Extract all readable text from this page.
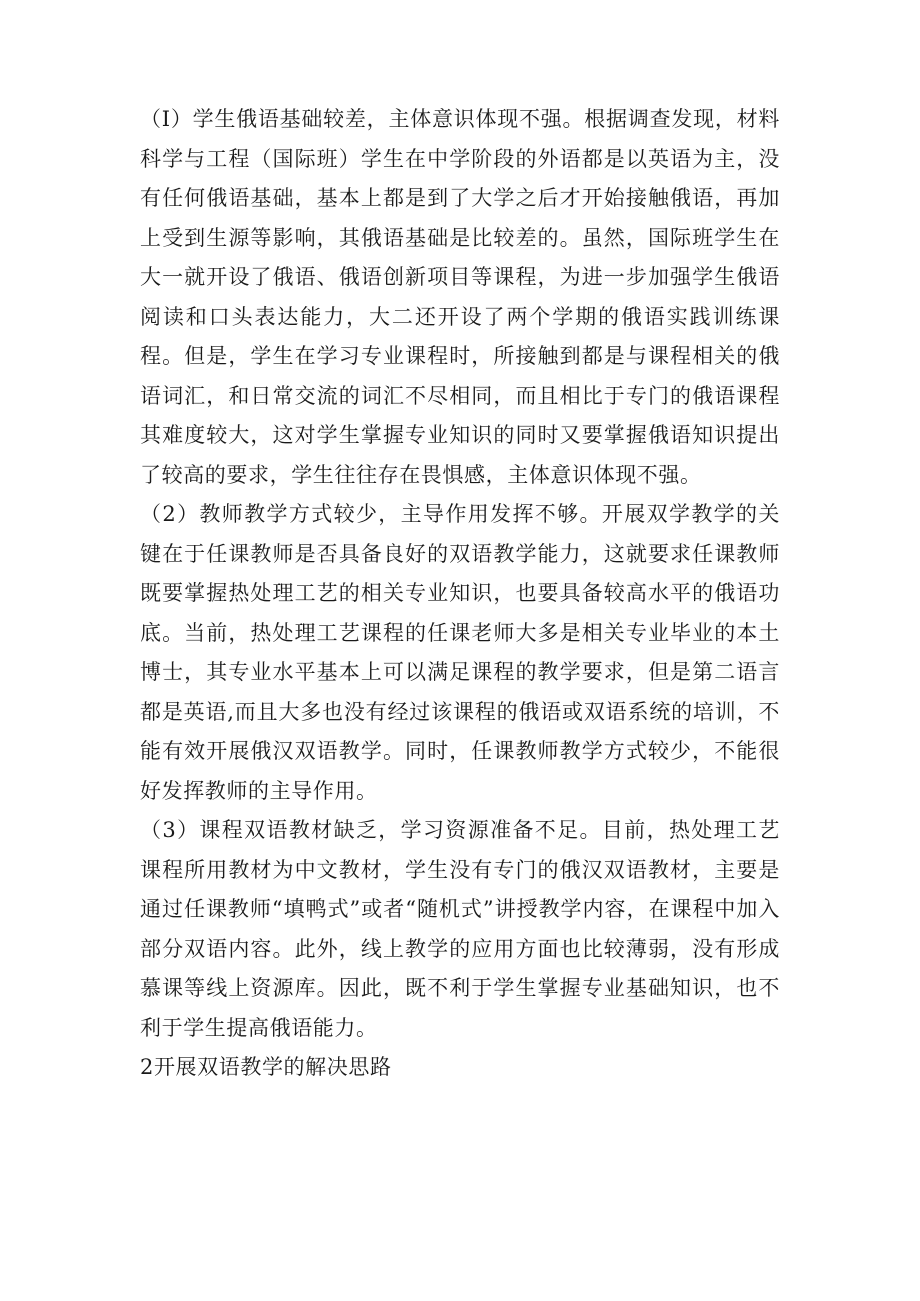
（I）学生俄语基础较差，主体意识体现不强。根据调查发现，材料科学与工程（国际班）学生在中学阶段的外语都是以英语为主，没有任何俄语基础，基本上都是到了大学之后才开始接触俄语，再加上受到生源等影响，其俄语基础是比较差的。虽然，国际班学生在大一就开设了俄语、俄语创新项目等课程，为进一步加强学生俄语阅读和口头表达能力，大二还开设了两个学期的俄语实践训练课程。但是，学生在学习专业课程时，所接触到都是与课程相关的俄语词汇，和日常交流的词汇不尽相同，而且相比于专门的俄语课程其难度较大，这对学生掌握专业知识的同时又要掌握俄语知识提出了较高的要求，学生往往存在畏惧感，主体意识体现不强。

（2）教师教学方式较少，主导作用发挥不够。开展双学教学的关键在于任课教师是否具备良好的双语教学能力，这就要求任课教师既要掌握热处理工艺的相关专业知识，也要具备较高水平的俄语功底。当前，热处理工艺课程的任课老师大多是相关专业毕业的本土博士，其专业水平基本上可以满足课程的教学要求，但是第二语言都是英语,而且大多也没有经过该课程的俄语或双语系统的培训，不能有效开展俄汉双语教学。同时，任课教师教学方式较少，不能很好发挥教师的主导作用。

（3）课程双语教材缺乏，学习资源准备不足。目前，热处理工艺课程所用教材为中文教材，学生没有专门的俄汉双语教材，主要是通过任课教师“填鸭式”或者“随机式”讲授教学内容，在课程中加入部分双语内容。此外，线上教学的应用方面也比较薄弱，没有形成慕课等线上资源库。因此，既不利于学生掌握专业基础知识，也不利于学生提高俄语能力。

2开展双语教学的解决思路
